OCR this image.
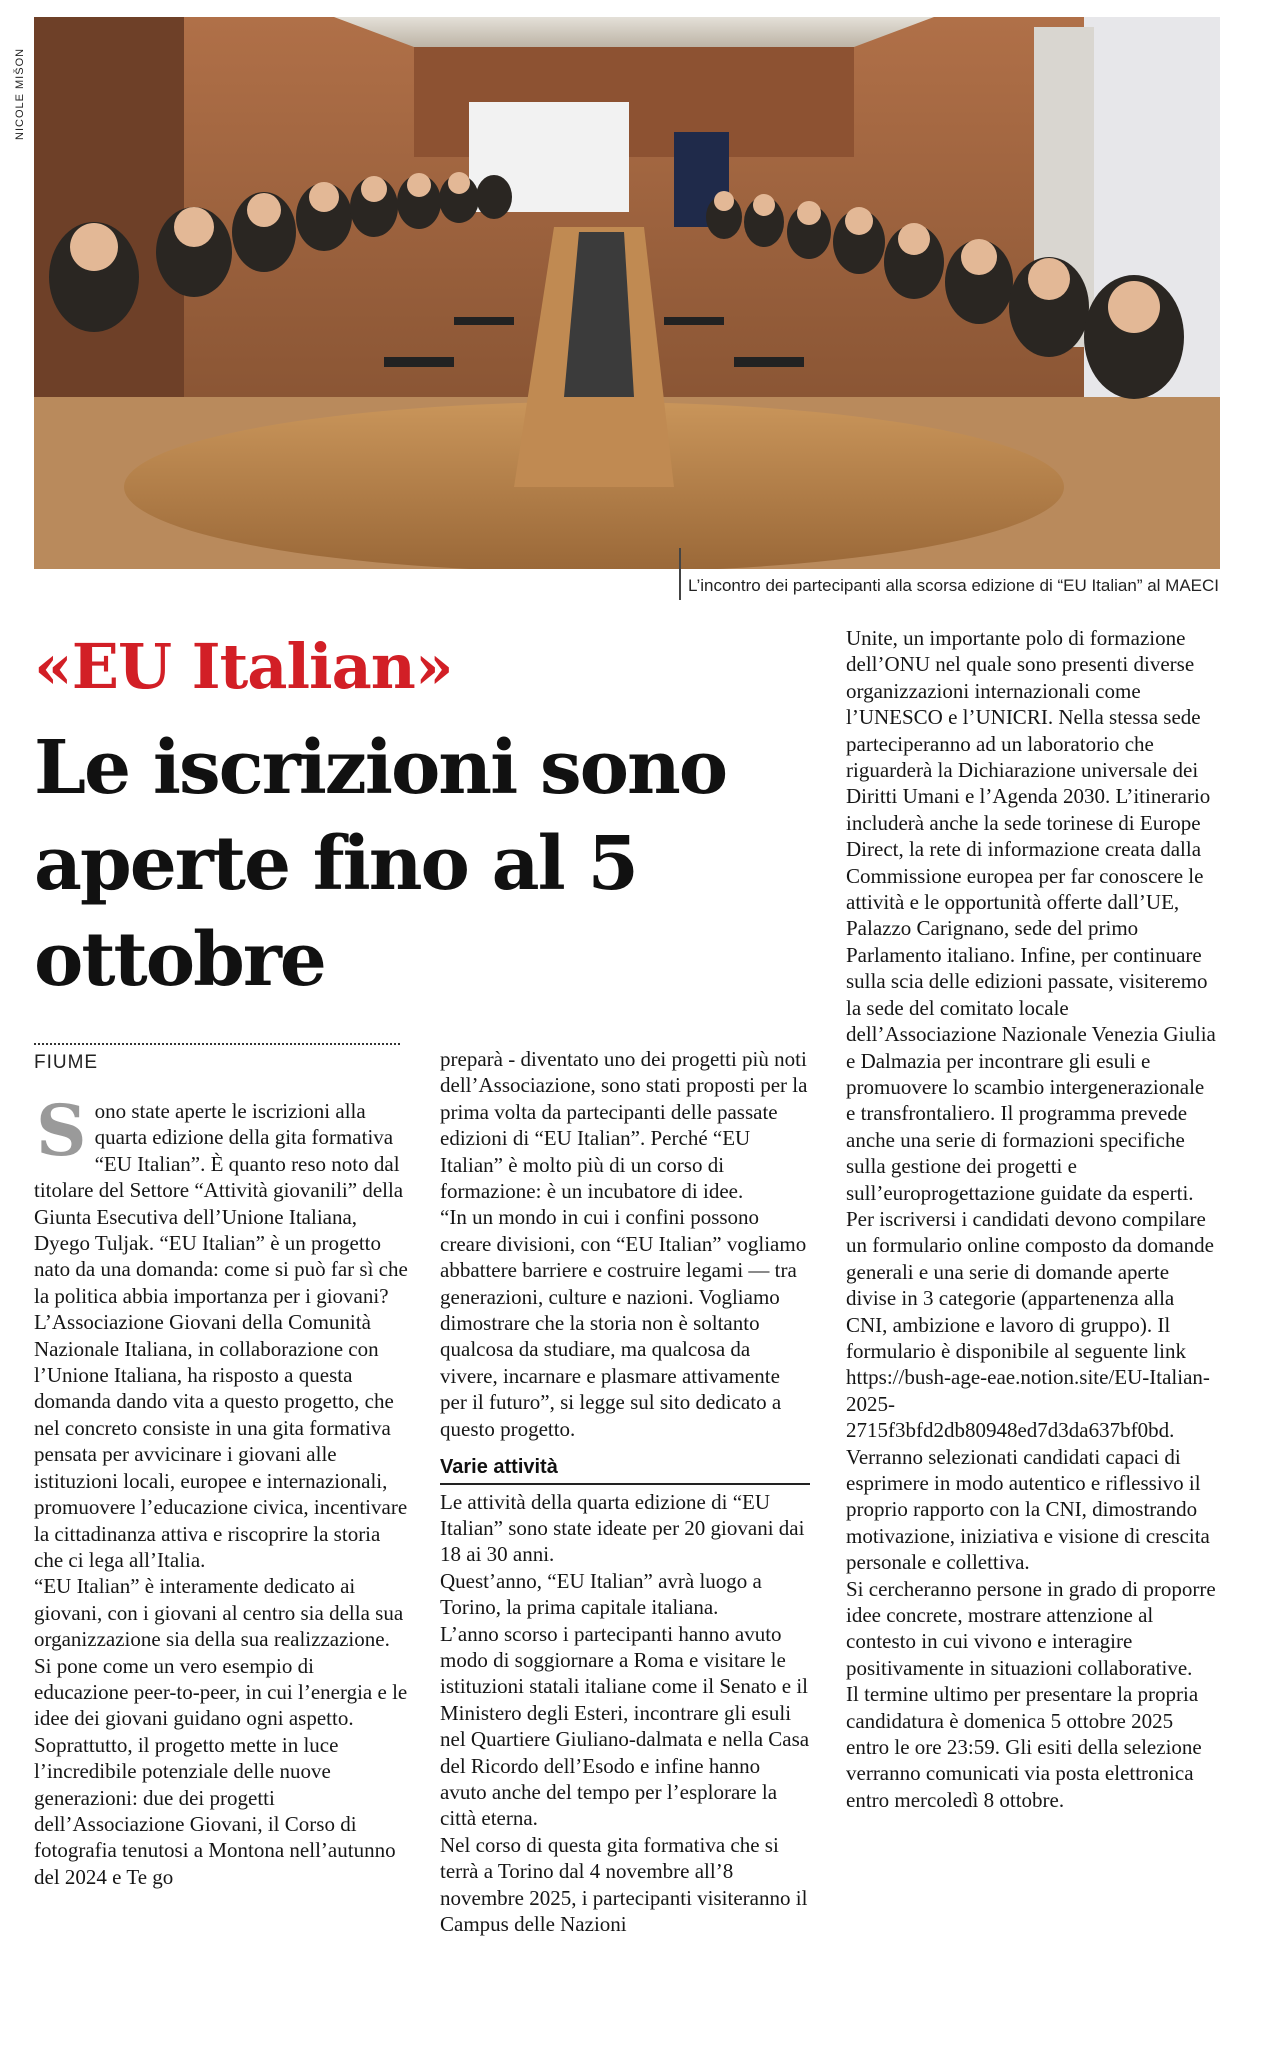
NICOLE MIŠON
L’incontro dei partecipanti alla scorsa edizione di “EU Italian” al MAECI
«EU Italian»
Le iscrizioni sono aperte fino al 5 ottobre
FIUME

Sono state aperte le iscrizioni alla quarta edizione della gita formativa “EU Italian”. È quanto reso noto dal titolare del Settore “Attività giovanili” della Giunta Esecutiva dell’Unione Italiana, Dyego Tuljak. “EU Italian” è un progetto nato da una domanda: come si può far sì che la politica abbia importanza per i giovani? L’Associazione Giovani della Comunità Nazionale Italiana, in collaborazione con l’Unione Italiana, ha risposto a questa domanda dando vita a questo progetto, che nel concreto consiste in una gita formativa pensata per avvicinare i giovani alle istituzioni locali, europee e internazionali, promuovere l’educazione civica, incentivare la cittadinanza attiva e riscoprire la storia che ci lega all’Italia.

“EU Italian” è interamente dedicato ai giovani, con i giovani al centro sia della sua organizzazione sia della sua realizzazione. Si pone come un vero esempio di educazione peer-to-peer, in cui l’energia e le idee dei giovani guidano ogni aspetto. Soprattutto, il progetto mette in luce l’incredibile potenziale delle nuove generazioni: due dei progetti dell’Associazione Giovani, il Corso di fotografia tenutosi a Montona nell’autunno del 2024 e Te go

preparà - diventato uno dei progetti più noti dell’Associazione, sono stati proposti per la prima volta da partecipanti delle passate edizioni di “EU Italian”. Perché “EU Italian” è molto più di un corso di formazione: è un incubatore di idee.

“In un mondo in cui i confini possono creare divisioni, con “EU Italian” vogliamo abbattere barriere e costruire legami — tra generazioni, culture e nazioni. Vogliamo dimostrare che la storia non è soltanto qualcosa da studiare, ma qualcosa da vivere, incarnare e plasmare attivamente per il futuro”, si legge sul sito dedicato a questo progetto.

Varie attività

Le attività della quarta edizione di “EU Italian” sono state ideate per 20 giovani dai 18 ai 30 anni.

Quest’anno, “EU Italian” avrà luogo a Torino, la prima capitale italiana.

L’anno scorso i partecipanti hanno avuto modo di soggiornare a Roma e visitare le istituzioni statali italiane come il Senato e il Ministero degli Esteri, incontrare gli esuli nel Quartiere Giuliano-dalmata e nella Casa del Ricordo dell’Esodo e infine hanno avuto anche del tempo per l’esplorare la città eterna.

Nel corso di questa gita formativa che si terrà a Torino dal 4 novembre all’8 novembre 2025, i partecipanti visiteranno il Campus delle Nazioni

Unite, un importante polo di formazione dell’ONU nel quale sono presenti diverse organizzazioni internazionali come l’UNESCO e l’UNICRI. Nella stessa sede parteciperanno ad un laboratorio che riguarderà la Dichiarazione universale dei Diritti Umani e l’Agenda 2030. L’itinerario includerà anche la sede torinese di Europe Direct, la rete di informazione creata dalla Commissione europea per far conoscere le attività e le opportunità offerte dall’UE, Palazzo Carignano, sede del primo Parlamento italiano. Infine, per continuare sulla scia delle edizioni passate, visiteremo la sede del comitato locale dell’Associazione Nazionale Venezia Giulia e Dalmazia per incontrare gli esuli e promuovere lo scambio intergenerazionale e transfrontaliero. Il programma prevede anche una serie di formazioni specifiche sulla gestione dei progetti e sull’europrogettazione guidate da esperti.

Per iscriversi i candidati devono compilare un formulario online composto da domande generali e una serie di domande aperte divise in 3 categorie (appartenenza alla CNI, ambizione e lavoro di gruppo). Il formulario è disponibile al seguente link https://bush-age-eae.notion.site/EU-Italian-2025-2715f3bfd2db80948ed7d3da637bf0bd.

Verranno selezionati candidati capaci di esprimere in modo autentico e riflessivo il proprio rapporto con la CNI, dimostrando motivazione, iniziativa e visione di crescita personale e collettiva.

Si cercheranno persone in grado di proporre idee concrete, mostrare attenzione al contesto in cui vivono e interagire positivamente in situazioni collaborative.

Il termine ultimo per presentare la propria candidatura è domenica 5 ottobre 2025 entro le ore 23:59. Gli esiti della selezione verranno comunicati via posta elettronica entro mercoledì 8 ottobre.
